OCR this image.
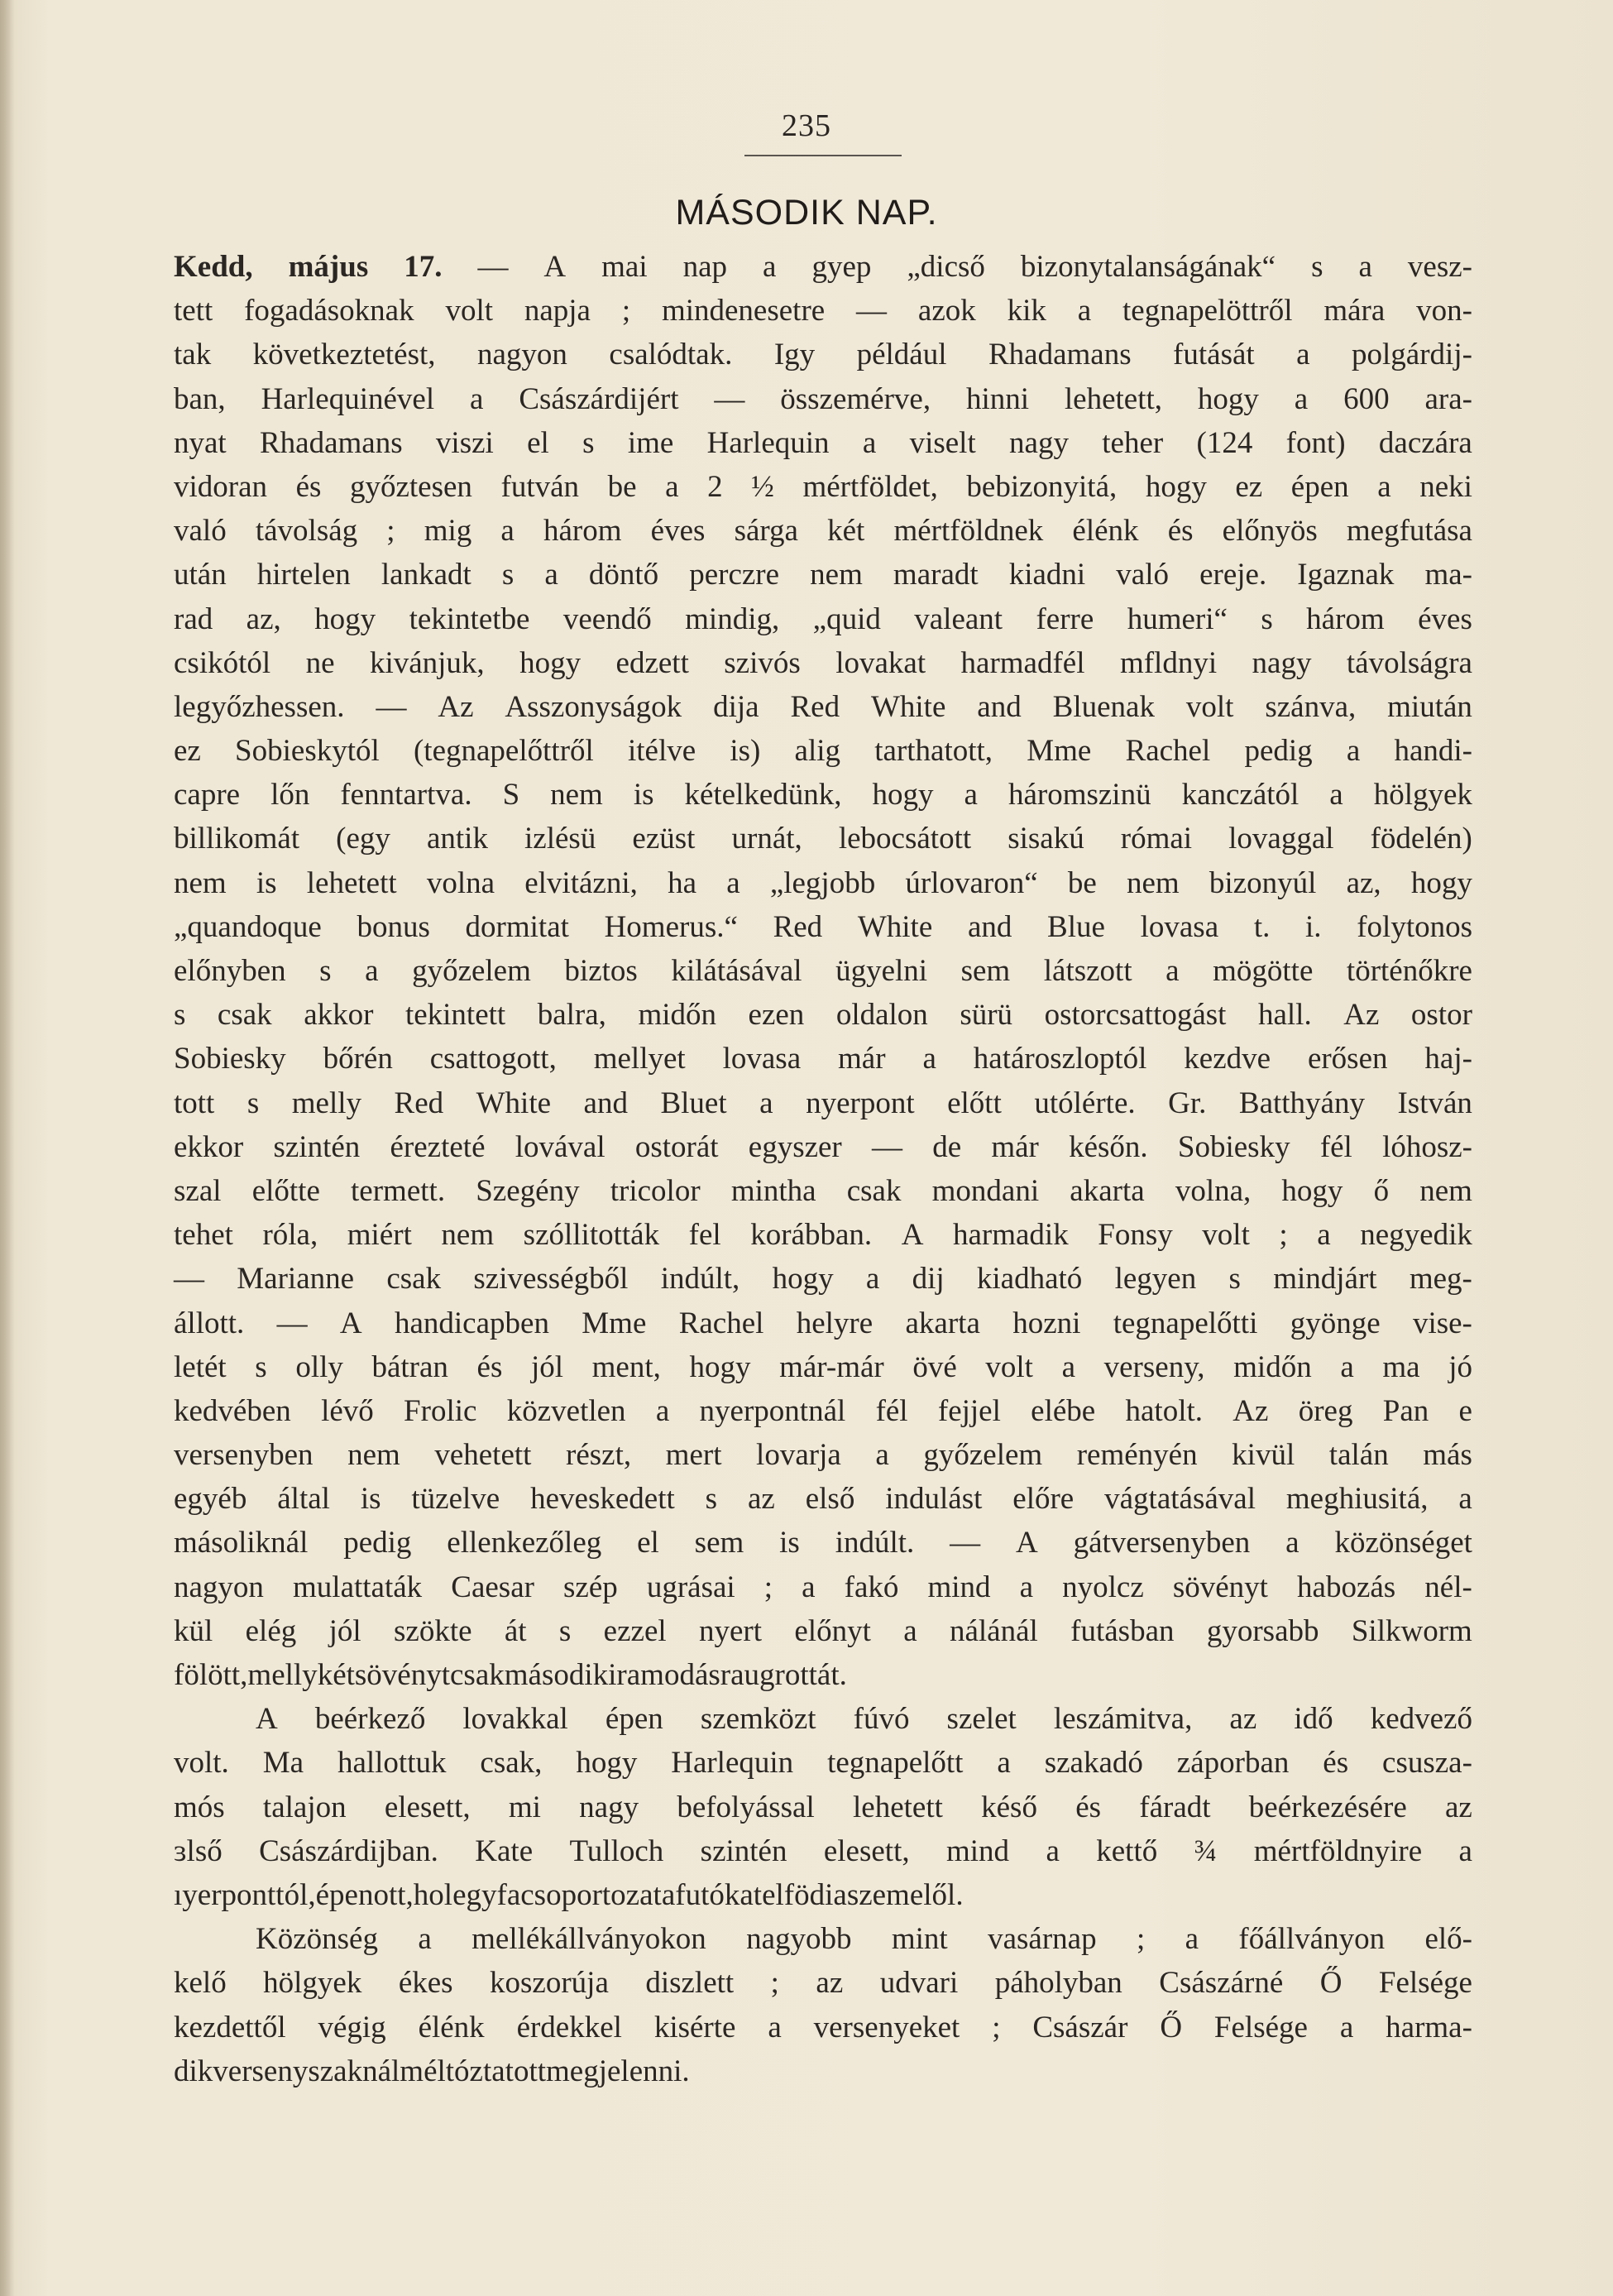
235
MÁSODIK NAP.
Kedd, május 17. — A mai nap a gyep „dicső bizonytalanságának“ s a vesz-
tett fogadásoknak volt napja ; mindenesetre — azok kik a tegnapelöttről mára von-
tak következtetést, nagyon csalódtak. Igy például Rhadamans futását a polgárdij-
ban, Harlequinével a Császárdijért — összemérve, hinni lehetett, hogy a 600 ara-
nyat Rhadamans viszi el s ime Harlequin a viselt nagy teher (124 font) daczára
vidoran és győztesen futván be a 2 ½ mértföldet, bebizonyitá, hogy ez épen a neki
való távolság ; mig a három éves sárga két mértföldnek élénk és előnyös megfutása
után hirtelen lankadt s a döntő perczre nem maradt kiadni való ereje. Igaznak ma-
rad az, hogy tekintetbe veendő mindig, „quid valeant ferre humeri“ s három éves
csikótól ne kivánjuk, hogy edzett szivós lovakat harmadfél mfldnyi nagy távolságra
legyőzhessen. — Az Asszonyságok dija Red White and Bluenak volt szánva, miután
ez Sobieskytól (tegnapelőttről itélve is) alig tarthatott, Mme Rachel pedig a handi-
capre lőn fenntartva. S nem is kételkedünk, hogy a háromszinü kanczától a hölgyek
billikomát (egy antik izlésü ezüst urnát, lebocsátott sisakú római lovaggal födelén)
nem is lehetett volna elvitázni, ha a „legjobb úrlovaron“ be nem bizonyúl az, hogy
„quandoque bonus dormitat Homerus.“ Red White and Blue lovasa t. i. folytonos
előnyben s a győzelem biztos kilátásával ügyelni sem látszott a mögötte történőkre
s csak akkor tekintett balra, midőn ezen oldalon sürü ostorcsattogást hall. Az ostor
Sobiesky bőrén csattogott, mellyet lovasa már a határoszloptól kezdve erősen haj-
tott s melly Red White and Bluet a nyerpont előtt utólérte. Gr. Batthyány István
ekkor szintén érezteté lovával ostorát egyszer — de már későn. Sobiesky fél lóhosz-
szal előtte termett. Szegény tricolor mintha csak mondani akarta volna, hogy ő nem
tehet róla, miért nem szóllitották fel korábban. A harmadik Fonsy volt ; a negyedik
— Marianne csak szivességből indúlt, hogy a dij kiadható legyen s mindjárt meg-
állott. — A handicapben Mme Rachel helyre akarta hozni tegnapelőtti gyönge vise-
letét s olly bátran és jól ment, hogy már-már övé volt a verseny, midőn a ma jó
kedvében lévő Frolic közvetlen a nyerpontnál fél fejjel elébe hatolt. Az öreg Pan e
versenyben nem vehetett részt, mert lovarja a győzelem reményén kivül talán más
egyéb által is tüzelve heveskedett s az első indulást előre vágtatásával meghiusitá, a
másoliknál pedig ellenkezőleg el sem is indúlt. — A gátversenyben a közönséget
nagyon mulattaták Caesar szép ugrásai ; a fakó mind a nyolcz sövényt habozás nél-
kül elég jól szökte át s ezzel nyert előnyt a nálánál futásban gyorsabb Silkworm
fölött, melly két sövényt csak második iramodásra ugrott át.
A beérkező lovakkal épen szemközt fúvó szelet leszámitva, az idő kedvező
volt. Ma hallottuk csak, hogy Harlequin tegnapelőtt a szakadó záporban és csusza-
mós talajon elesett, mi nagy befolyással lehetett késő és fáradt beérkezésére az
ɜlső Császárdijban. Kate Tulloch szintén elesett, mind a kettő ¾ mértföldnyire a
ıyerponttól, épen ott, hol egy facsoportozat a futókat elfödi a szem elől.
Közönség a mellékállványokon nagyobb mint vasárnap ; a főállványon elő-
kelő hölgyek ékes koszorúja diszlett ; az udvari páholyban Császárné Ő Felsége
kezdettől végig élénk érdekkel kisérte a versenyeket ; Császár Ő Felsége a harma-
dik versenyszaknál méltóztatott megjelenni.
